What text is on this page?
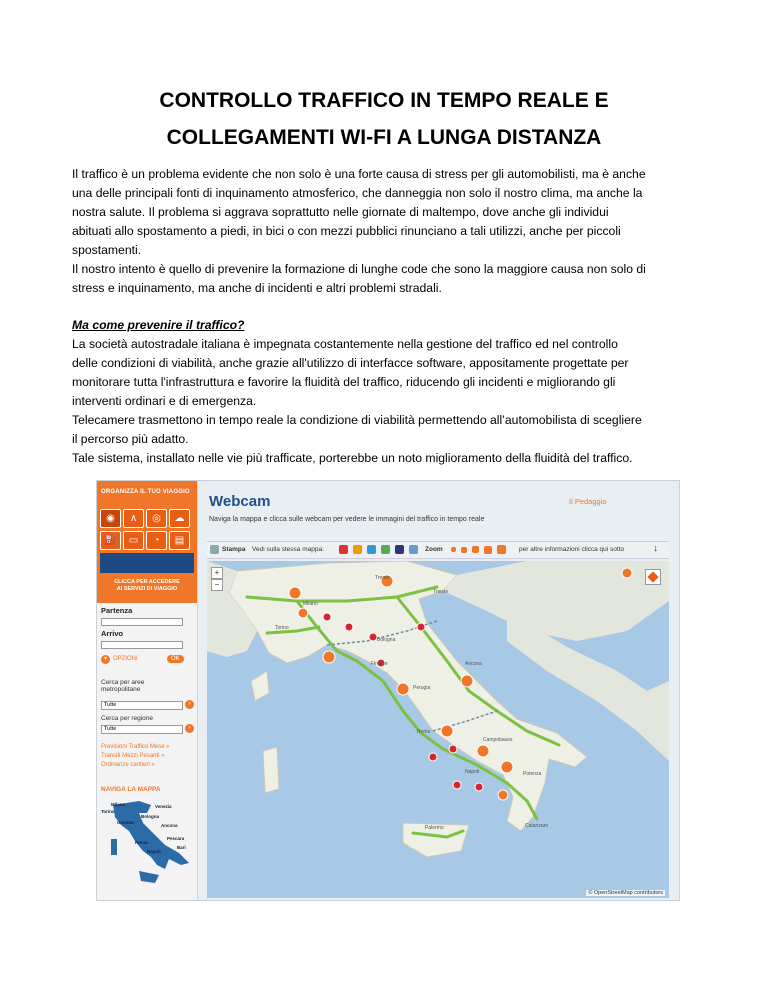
CONTROLLO TRAFFICO IN TEMPO REALE E
COLLEGAMENTI WI-FI A LUNGA DISTANZA

Il traffico è un problema evidente che non solo è una forte causa di stress per gli automobilisti, ma è anche

una delle principali fonti di inquinamento atmosferico, che danneggia non solo il nostro clima, ma anche la

nostra salute. Il problema si aggrava soprattutto nelle giornate di maltempo, dove anche gli individui

abituati allo spostamento a piedi, in bici o con mezzi pubblici rinunciano a tali utilizzi, anche per piccoli

spostamenti.

Il nostro intento è quello di prevenire la formazione di lunghe code che sono la maggiore causa non solo di

stress e inquinamento, ma anche di incidenti e altri problemi stradali.

Ma come prevenire il traffico?

La società autostradale italiana è impegnata costantemente nella gestione del traffico ed nel controllo

delle condizioni di viabilità, anche grazie all'utilizzo di interfacce software, appositamente progettate per

monitorare tutta l'infrastruttura e favorire la fluidità del traffico, riducendo gli incidenti e migliorando gli

interventi ordinari e di emergenza.

Telecamere trasmettono in tempo reale la condizione di viabilità permettendo all’automobilista di scegliere

il percorso più adatto.

Tale sistema, installato nelle vie più trafficate, porterebbe un noto miglioramento della fluidità del traffico.

ORGANIZZA IL TUO VIAGGIO
◉	∧	◎	☁
⛽	▭	◔	▤
CLICCA PER ACCEDERE
AI SERVIZI DI VIAGGIO
Partenza
Arrivo
▾	OPZIONI	OK
Cerca per aree
metropolitane
Tutte	›
Cerca per regione
Tutte	›
Previsioni Traffico Mese »
Transiti Mezzi Pesanti »
Ordinanze cantieri »
NAVIGA LA MAPPA
Milano
Torino
Venezia
Bologna
Genova
Ancona
Pescara
Roma
Bari
Napoli
Webcam	Il Pedaggio
Naviga la mappa e clicca sulle webcam per vedere le immagini del traffico in tempo reale
Stampa Vedi sulla stessa mappa:	Zoom	per altre informazioni clicca qui sotto	↓
Trento
Trieste
Torino
Milano
Bologna
Firenze	Ancona
Perugia
Roma
Campobasso
Napoli	Potenza
Catanzaro
Palermo
+
−
© OpenStreetMap contributors
